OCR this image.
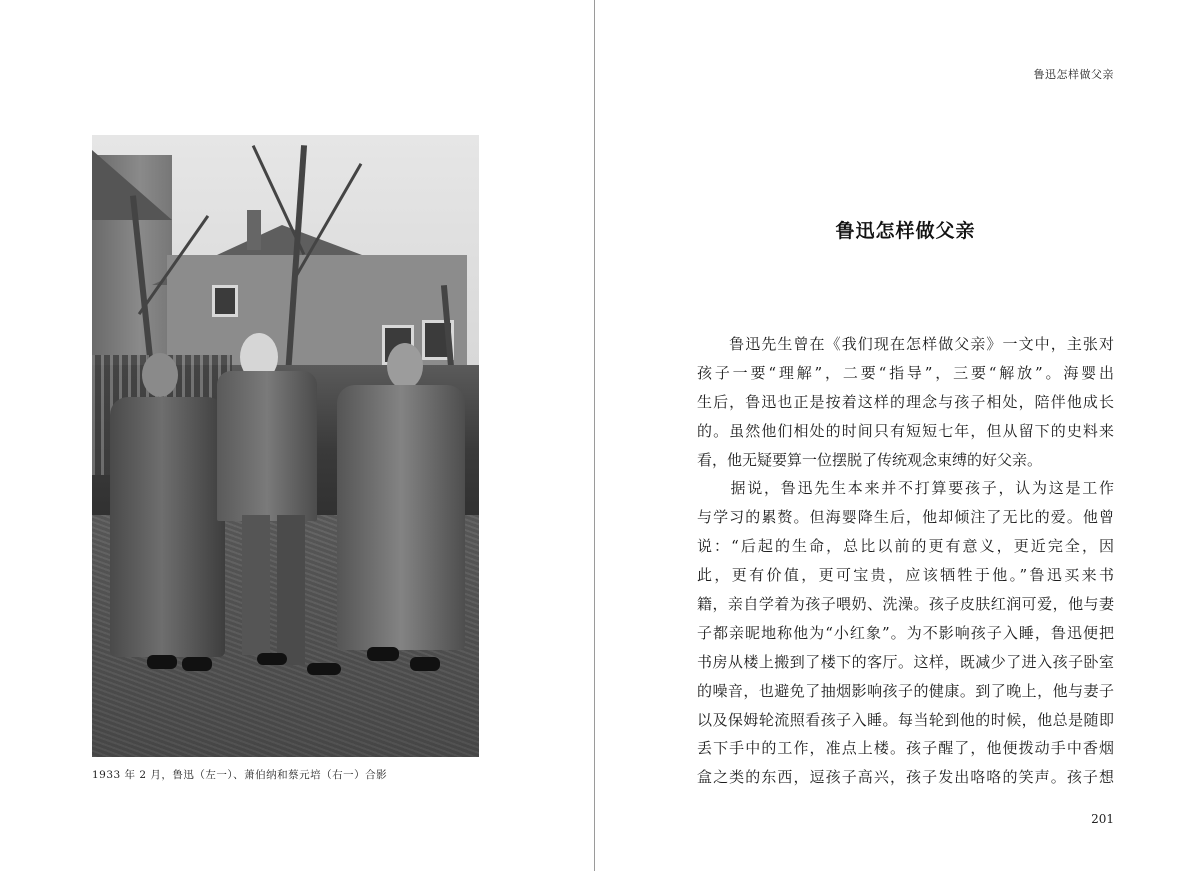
1933 年 2 月，鲁迅（左一）、萧伯纳和蔡元培（右一）合影
鲁迅怎样做父亲
鲁迅怎样做父亲
　　鲁迅先生曾在《我们现在怎样做父亲》一文中，主张对
孩子一要“理解”，二要“指导”，三要“解放”。海婴出
生后，鲁迅也正是按着这样的理念与孩子相处，陪伴他成长
的。虽然他们相处的时间只有短短七年，但从留下的史料来
看，他无疑要算一位摆脱了传统观念束缚的好父亲。
　　据说，鲁迅先生本来并不打算要孩子，认为这是工作
与学习的累赘。但海婴降生后，他却倾注了无比的爱。他曾
说：“后起的生命，总比以前的更有意义，更近完全，因
此，更有价值，更可宝贵，应该牺牲于他。”鲁迅买来书
籍，亲自学着为孩子喂奶、洗澡。孩子皮肤红润可爱，他与妻
子都亲昵地称他为“小红象”。为不影响孩子入睡，鲁迅便把
书房从楼上搬到了楼下的客厅。这样，既减少了进入孩子卧室
的噪音，也避免了抽烟影响孩子的健康。到了晚上，他与妻子
以及保姆轮流照看孩子入睡。每当轮到他的时候，他总是随即
丢下手中的工作，准点上楼。孩子醒了，他便拨动手中香烟
盒之类的东西，逗孩子高兴，孩子发出咯咯的笑声。孩子想
201
